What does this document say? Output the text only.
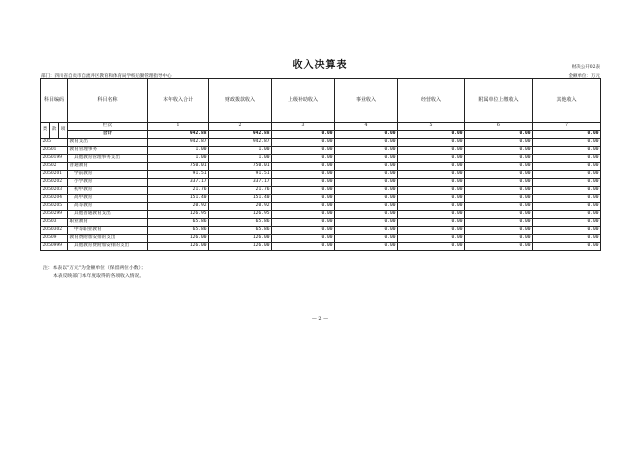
收入决算表	财决公开02表
部门：四川省自贡市自流井区教育和体育局学校后勤管理指导中心	金额单位：万元
科目编码			科目名称	本年收入合计	财政拨款收入	上级补助收入	事业收入	经营收入	附属单位上缴收入	其他收入
类	款	项	栏次	1	2	3	4	5	6	7
			合计	942.88	942.88	0.00	0.00	0.00	0.00	0.00
205			教育支出	942.87	942.87	0.00	0.00	0.00	0.00	0.00
20501			教育管理事务	1.00	1.00	0.00	0.00	0.00	0.00	0.00
2050199			其他教育管理事务支出	1.00	1.00	0.00	0.00	0.00	0.00	0.00
20502			普通教育	750.01	750.01	0.00	0.00	0.00	0.00	0.00
2050201			学前教育	91.51	91.51	0.00	0.00	0.00	0.00	0.00
2050202			小学教育	337.17	337.17	0.00	0.00	0.00	0.00	0.00
2050203			初中教育	21.76	21.76	0.00	0.00	0.00	0.00	0.00
2050204			高中教育	151.40	151.40	0.00	0.00	0.00	0.00	0.00
2050205			高等教育	20.92	20.92	0.00	0.00	0.00	0.00	0.00
2050299			其他普通教育支出	126.95	126.95	0.00	0.00	0.00	0.00	0.00
20503			职业教育	65.86	65.86	0.00	0.00	0.00	0.00	0.00
2050302			中等职业教育	65.86	65.86	0.00	0.00	0.00	0.00	0.00
20509			教育费附加安排的支出	126.00	126.00	0.00	0.00	0.00	0.00	0.00
2050999			其他教育费附加安排的支出	126.00	126.00	0.00	0.00	0.00	0.00	0.00
注：本表以"万元"为金额单位（保留两位小数）；
本表反映部门本年度取得的各项收入情况。
— 2 —
